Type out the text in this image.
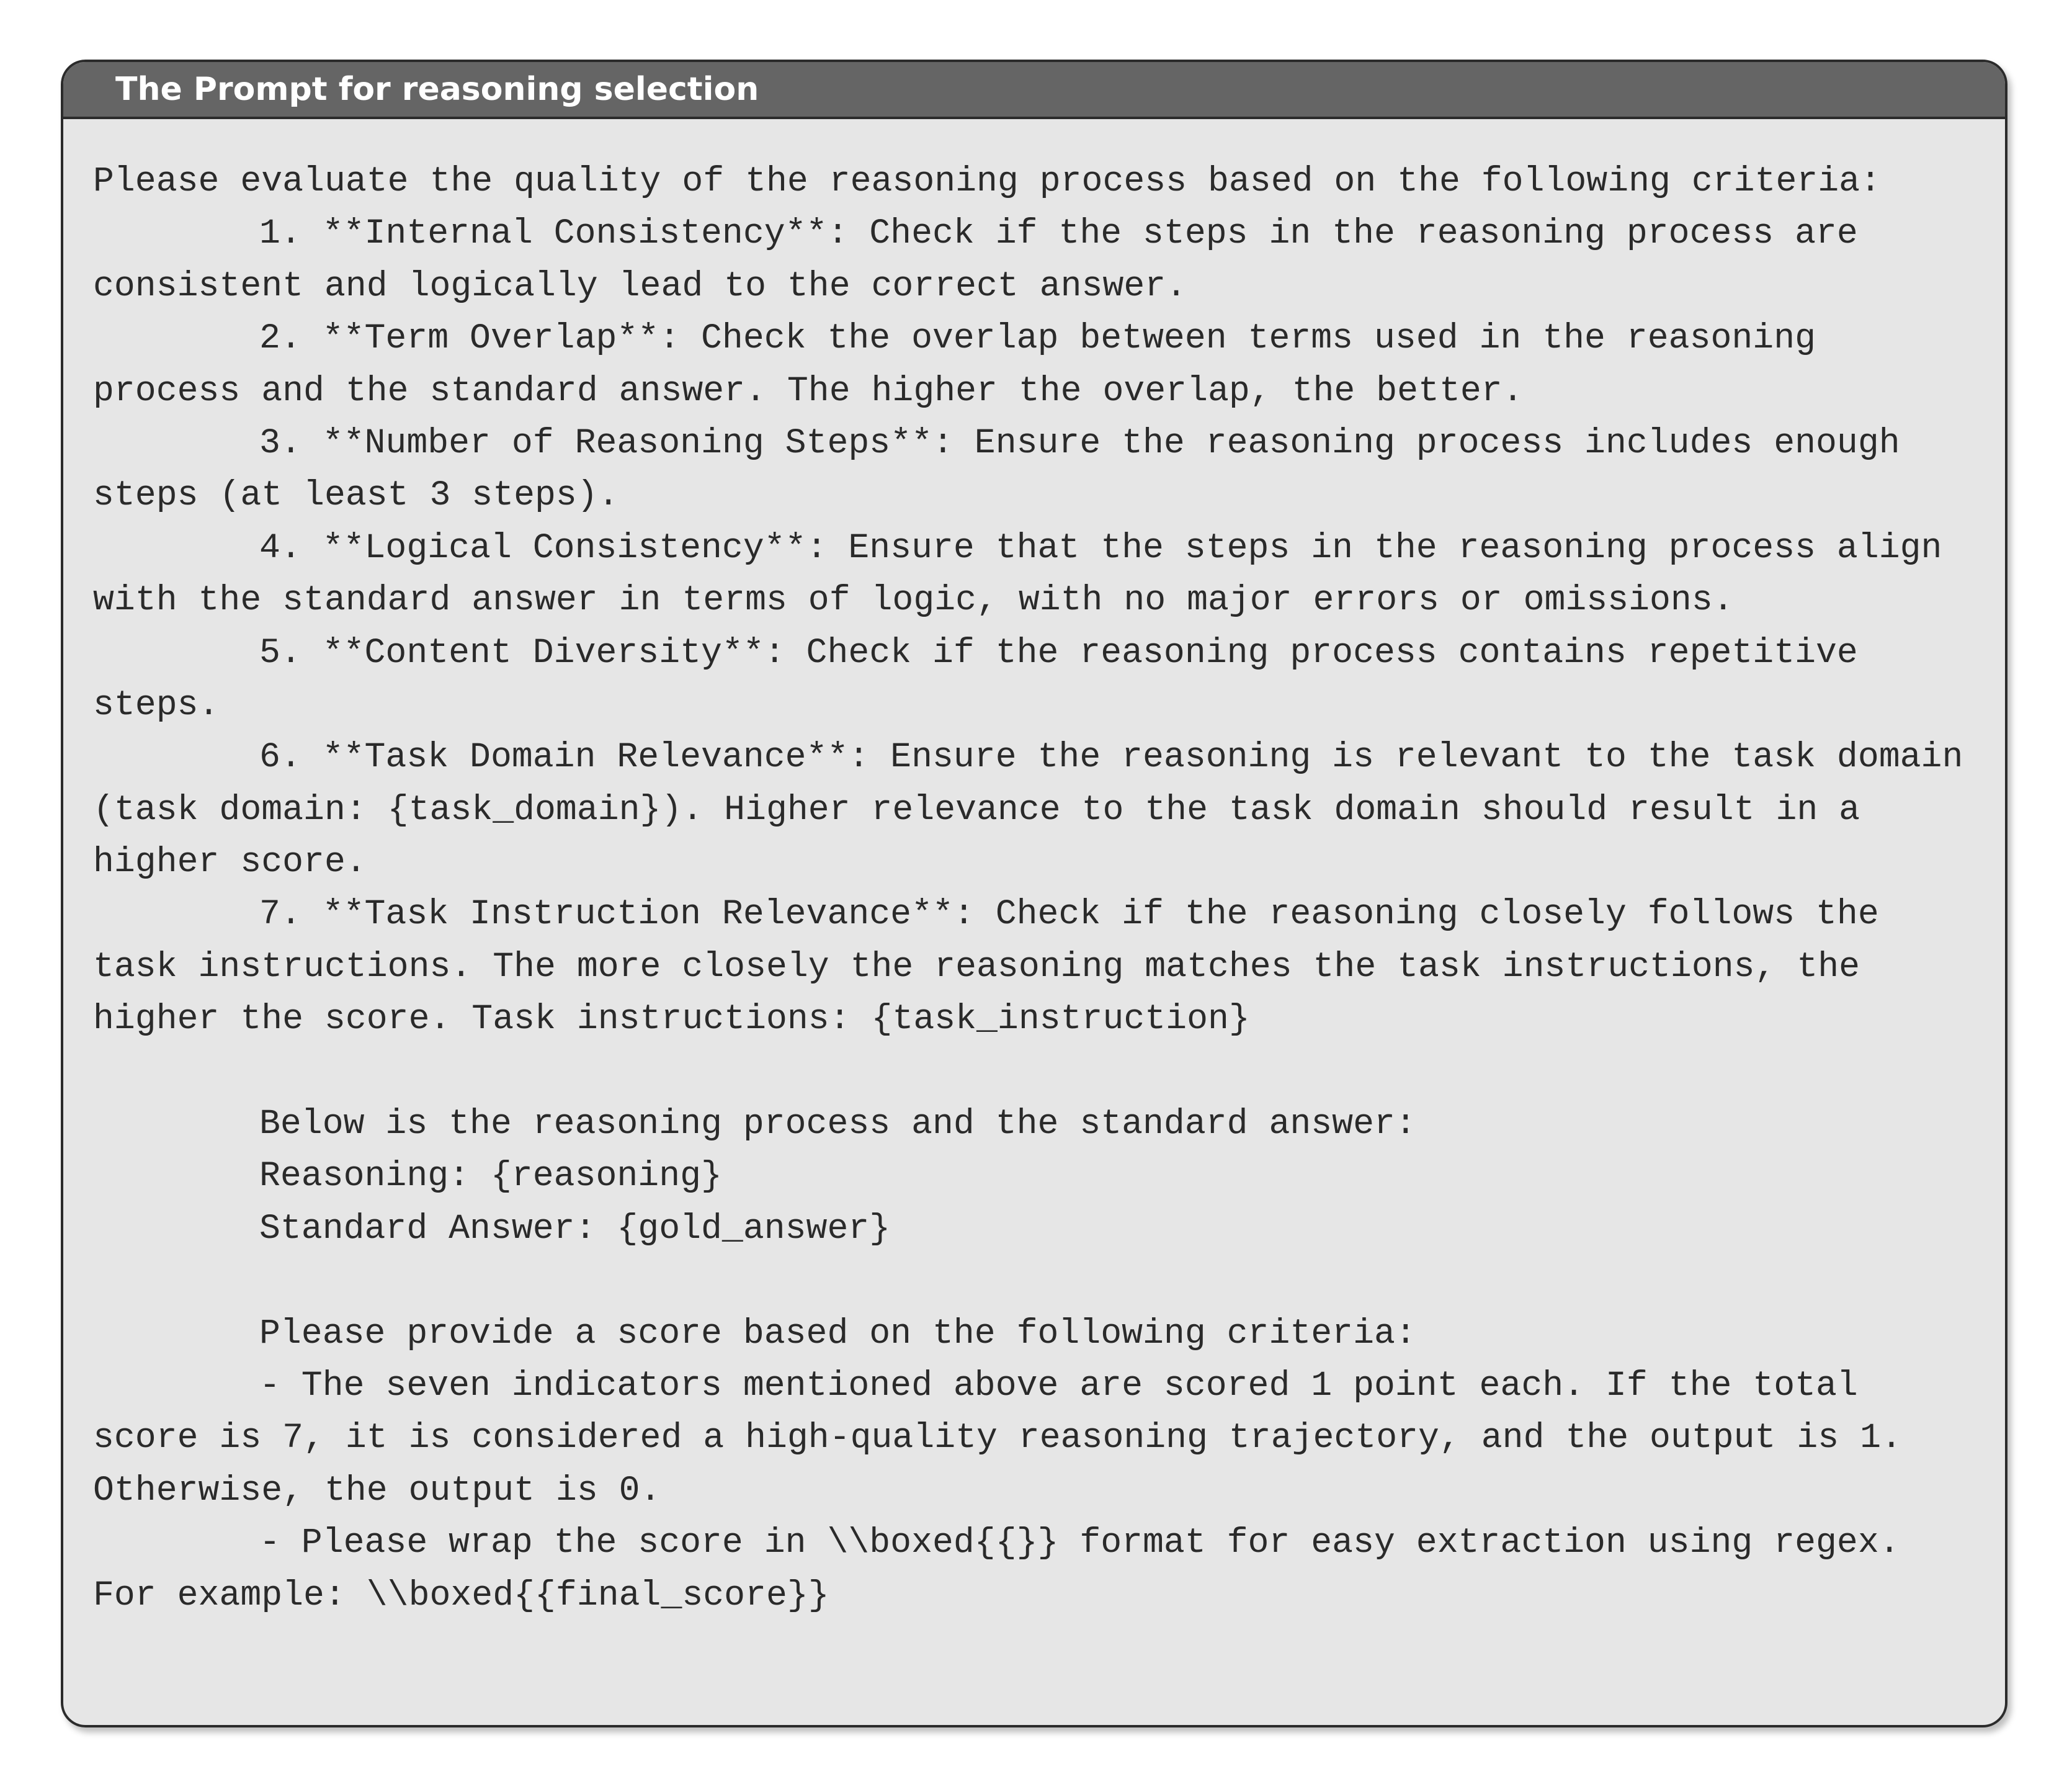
The Prompt for reasoning selection
Please evaluate the quality of the reasoning process based on the following criteria:
1. **Internal Consistency**: Check if the steps in the reasoning process are
consistent and logically lead to the correct answer.
2. **Term Overlap**: Check the overlap between terms used in the reasoning
process and the standard answer. The higher the overlap, the better.
3. **Number of Reasoning Steps**: Ensure the reasoning process includes enough
steps (at least 3 steps).
4. **Logical Consistency**: Ensure that the steps in the reasoning process align
with the standard answer in terms of logic, with no major errors or omissions.
5. **Content Diversity**: Check if the reasoning process contains repetitive
steps.
6. **Task Domain Relevance**: Ensure the reasoning is relevant to the task domain
(task domain: {task_domain}). Higher relevance to the task domain should result in a
higher score.
7. **Task Instruction Relevance**: Check if the reasoning closely follows the
task instructions. The more closely the reasoning matches the task instructions, the
higher the score. Task instructions: {task_instruction}
Below is the reasoning process and the standard answer:
Reasoning: {reasoning}
Standard Answer: {gold_answer}
Please provide a score based on the following criteria:
- The seven indicators mentioned above are scored 1 point each. If the total
score is 7, it is considered a high-quality reasoning trajectory, and the output is 1.
Otherwise, the output is 0.
- Please wrap the score in \\boxed{{}} format for easy extraction using regex.
For example: \\boxed{{final_score}}
